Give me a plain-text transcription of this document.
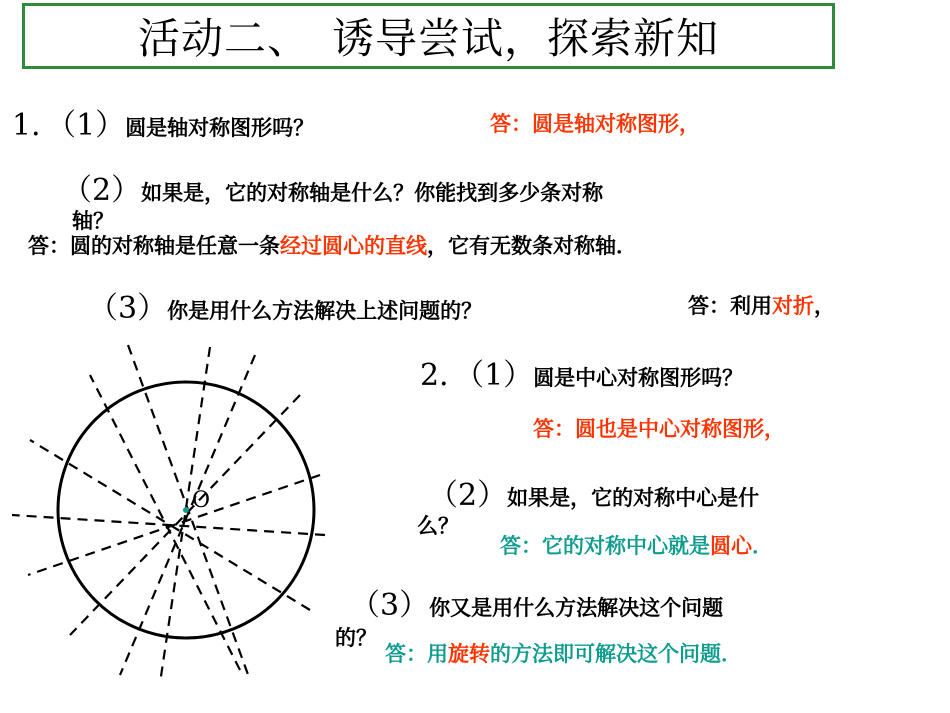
活动二、　诱导尝试，探索新知
1．（1）圆是轴对称图形吗？	答：圆是轴对称图形，
（2）如果是，它的对称轴是什么？你能找到多少条对称
轴？
答：圆的对称轴是任意一条经过圆心的直线，它有无数条对称轴．
（3）你是用什么方法解决上述问题的？	答：利用对折，
O
2．（1）圆是中心对称图形吗？
答：圆也是中心对称图形，
（2）如果是，它的对称中心是什
么？
答：它的对称中心就是圆心．
（3）你又是用什么方法解决这个问题
的？
答：用旋转的方法即可解决这个问题．
